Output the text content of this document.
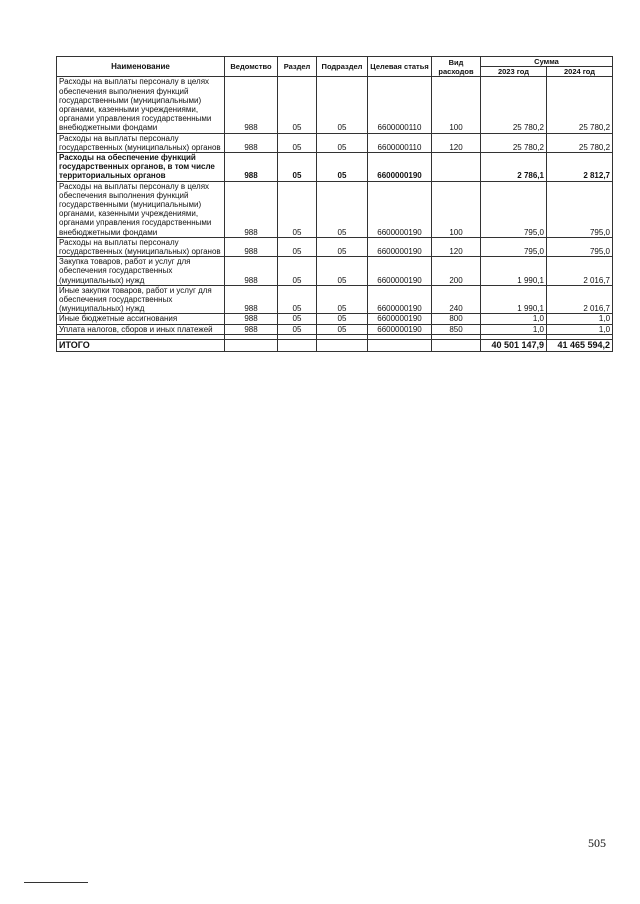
Наименование	Ведомство	Раздел	Подраздел	Целевая статья	Вид расходов	Сумма	
						2023 год	2024 год
Расходы на выплаты персоналу в целях обеспечения выполнения функций государственными (муниципальными) органами, казенными учреждениями, органами управления государственными внебюджетными фондами	988	05	05	6600000110	100	25 780,2	25 780,2
Расходы на выплаты персоналу государственных (муниципальных) органов	988	05	05	6600000110	120	25 780,2	25 780,2
Расходы на обеспечение функций государственных органов, в том числе территориальных органов	988	05	05	6600000190		2 786,1	2 812,7
Расходы на выплаты персоналу в целях обеспечения выполнения функций государственными (муниципальными) органами, казенными учреждениями, органами управления государственными внебюджетными фондами	988	05	05	6600000190	100	795,0	795,0
Расходы на выплаты персоналу государственных (муниципальных) органов	988	05	05	6600000190	120	795,0	795,0
Закупка товаров, работ и услуг для обеспечения государственных (муниципальных) нужд	988	05	05	6600000190	200	1 990,1	2 016,7
Иные закупки товаров, работ и услуг для обеспечения государственных (муниципальных) нужд	988	05	05	6600000190	240	1 990,1	2 016,7
Иные бюджетные ассигнования	988	05	05	6600000190	800	1,0	1,0
Уплата налогов, сборов и иных платежей	988	05	05	6600000190	850	1,0	1,0

ИТОГО						40 501 147,9	41 465 594,2
505
